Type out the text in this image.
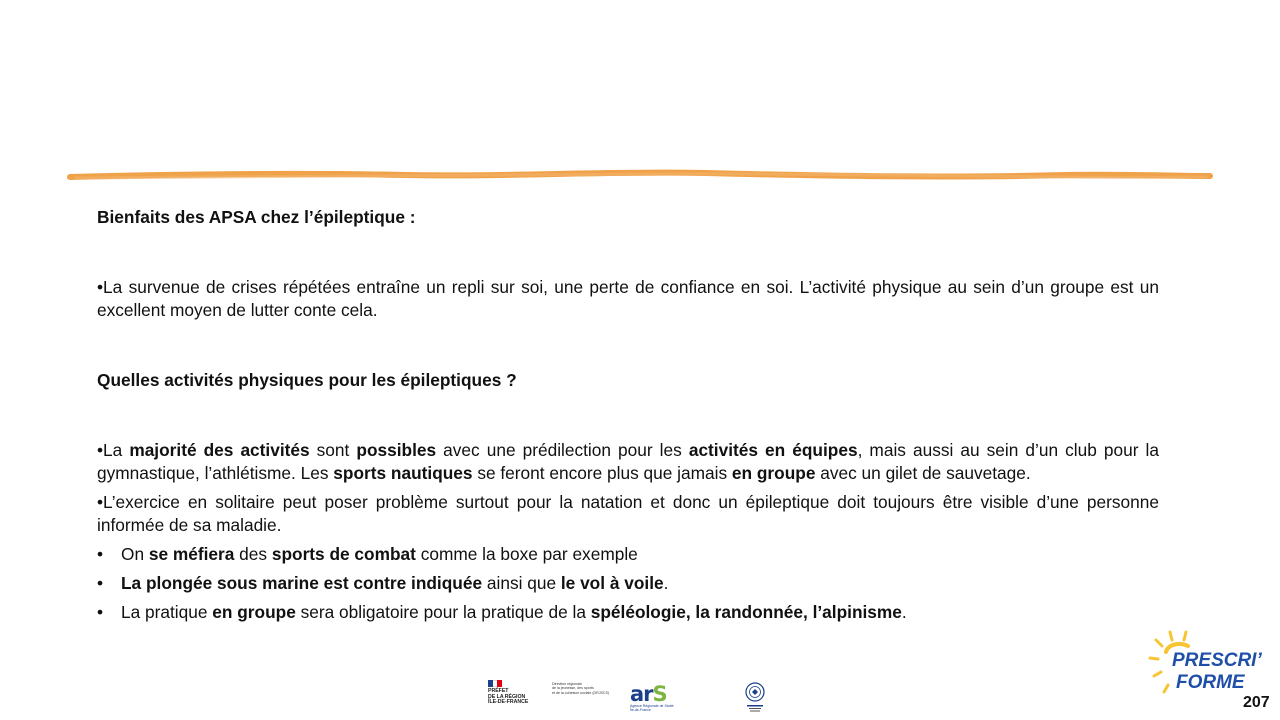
Bienfaits des APSA chez l’épileptique :

•La survenue de crises répétées entraîne un repli sur soi, une perte de confiance en soi. L’activité physique au sein d’un groupe est un excellent moyen de lutter conte cela.

Quelles activités physiques pour les épileptiques ?

•La majorité des activités sont possibles avec une prédilection pour les activités en équipes, mais aussi au sein d’un club pour la gymnastique, l’athlétisme. Les sports nautiques se feront encore plus que jamais en groupe avec un gilet de sauvetage.

•L’exercice en solitaire peut poser problème surtout pour la natation et donc un épileptique doit toujours être visible d’une personne informée de sa maladie.

•	On se méfiera des sports de combat comme la boxe par exemple
•	La plongée sous marine est contre indiquée ainsi que le vol à voile.
•	La pratique en groupe sera obligatoire pour la pratique de la spéléologie, la randonnée, l’alpinisme.
PRÉFET
DE LA RÉGION
ÎLE-DE-FRANCE
Direction régionale
de la jeunesse, des sports
et de la cohésion sociale (DRJSCS) arS
Agence Régionale de Santé Île-de-France
PRESCRI’
FORME
207
